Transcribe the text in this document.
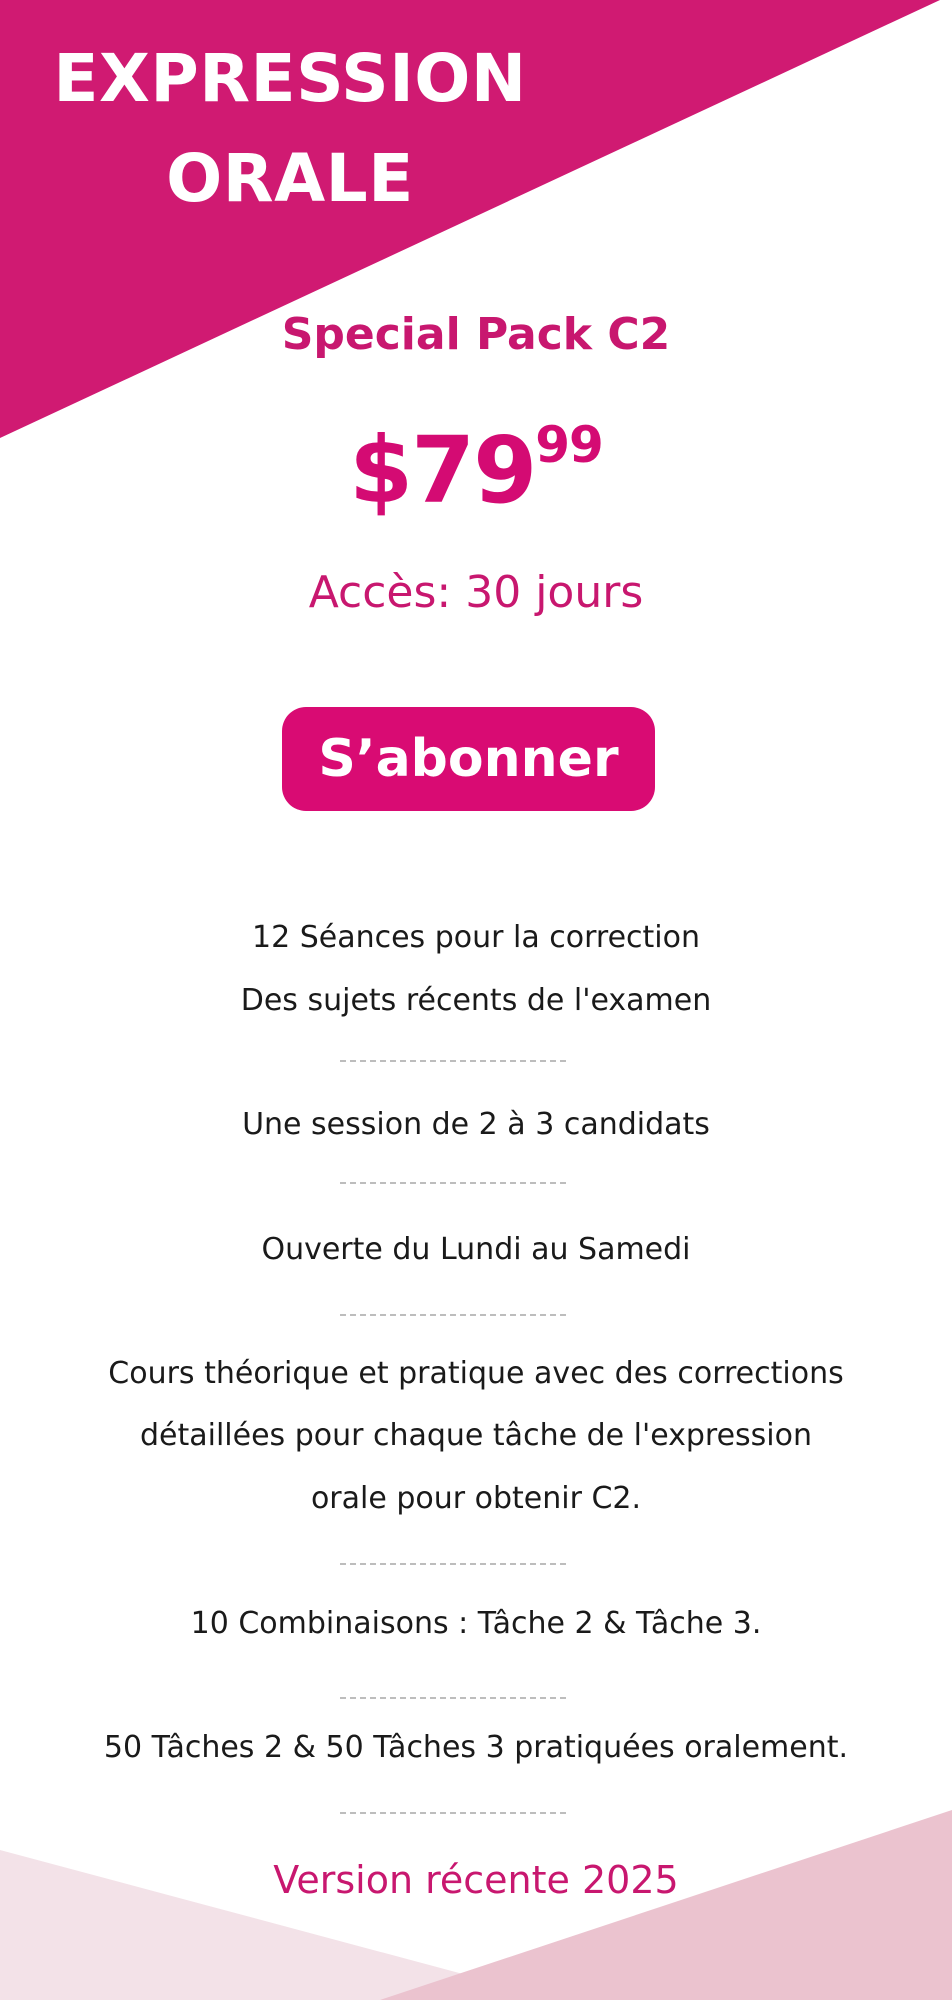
EXPRESSION
ORALE
Special Pack C2
$7999
Accès: 30 jours
S’abonner
12 Séances pour la correction
Des sujets récents de l'examen
Une session de 2 à 3 candidats
Ouverte du Lundi au Samedi
Cours théorique et pratique avec des corrections
détaillées pour chaque tâche de l'expression
orale pour obtenir C2.
10 Combinaisons : Tâche 2 & Tâche 3.
50 Tâches 2 & 50 Tâches 3 pratiquées oralement.
Version récente 2025
